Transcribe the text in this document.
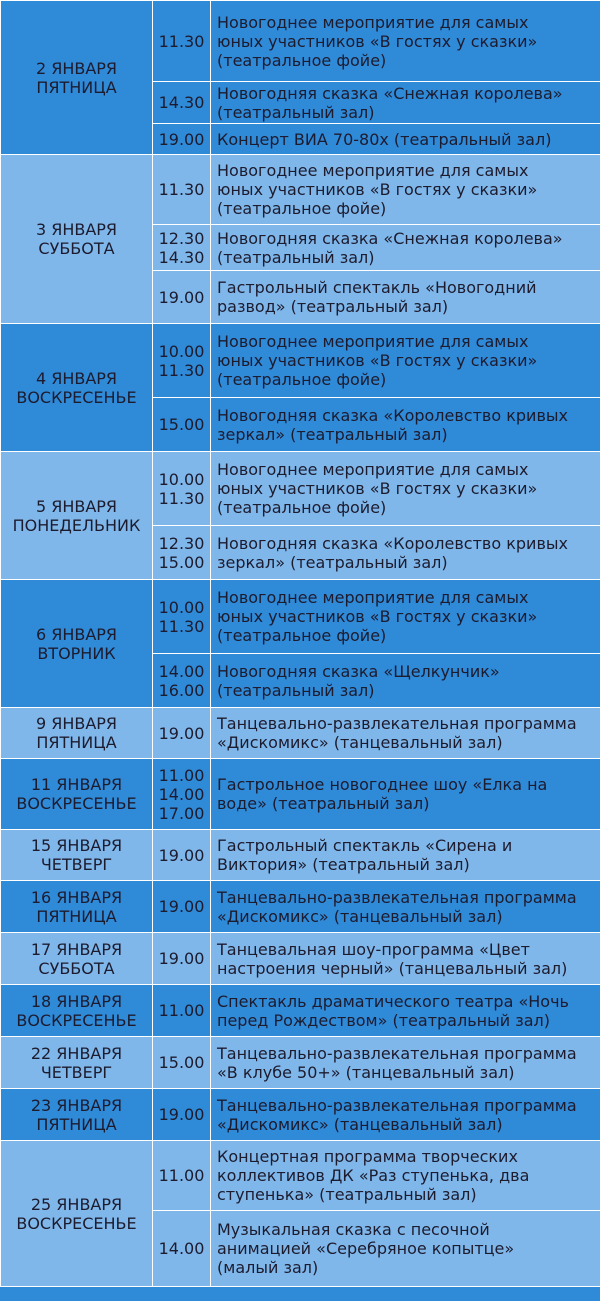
2 ЯНВАРЯ
ПЯТНИЦА	11.30	Новогоднее мероприятие для самых
юных участников «В гостях у сказки»
(театральное фойе)

	14.30	Новогодняя сказка «Снежная королева»
(театральный зал)

	19.00	Концерт ВИА 70-80х (театральный зал)

3 ЯНВАРЯ
СУББОТА	11.30	Новогоднее мероприятие для самых
юных участников «В гостях у сказки»
(театральное фойе)

	12.30
14.30	Новогодняя сказка «Снежная королева»
(театральный зал)

	19.00	Гастрольный спектакль «Новогодний
развод» (театральный зал)

4 ЯНВАРЯ
ВОСКРЕСЕНЬЕ	10.00
11.30	Новогоднее мероприятие для самых
юных участников «В гостях у сказки»
(театральное фойе)

	15.00	Новогодняя сказка «Королевство кривых
зеркал» (театральный зал)

5 ЯНВАРЯ
ПОНЕДЕЛЬНИК	10.00
11.30	Новогоднее мероприятие для самых
юных участников «В гостях у сказки»
(театральное фойе)

	12.30
15.00	Новогодняя сказка «Королевство кривых
зеркал» (театральный зал)

6 ЯНВАРЯ
ВТОРНИК	10.00
11.30	Новогоднее мероприятие для самых
юных участников «В гостях у сказки»
(театральное фойе)

	14.00
16.00	Новогодняя сказка «Щелкунчик»
(театральный зал)

9 ЯНВАРЯ
ПЯТНИЦА	19.00	Танцевально-развлекательная программа
«Дискомикс» (танцевальный зал)

11 ЯНВАРЯ
ВОСКРЕСЕНЬЕ	11.00
14.00
17.00	Гастрольное новогоднее шоу «Елка на
воде» (театральный зал)

15 ЯНВАРЯ
ЧЕТВЕРГ	19.00	Гастрольный спектакль «Сирена и
Виктория» (театральный зал)

16 ЯНВАРЯ
ПЯТНИЦА	19.00	Танцевально-развлекательная программа
«Дискомикс» (танцевальный зал)

17 ЯНВАРЯ
СУББОТА	19.00	Танцевальная шоу-программа «Цвет
настроения черный» (танцевальный зал)

18 ЯНВАРЯ
ВОСКРЕСЕНЬЕ	11.00	Спектакль драматического театра «Ночь
перед Рождеством» (театральный зал)

22 ЯНВАРЯ
ЧЕТВЕРГ	15.00	Танцевально-развлекательная программа
«В клубе 50+» (танцевальный зал)

23 ЯНВАРЯ
ПЯТНИЦА	19.00	Танцевально-развлекательная программа
«Дискомикс» (танцевальный зал)

25 ЯНВАРЯ
ВОСКРЕСЕНЬЕ	11.00	Концертная программа творческих
коллективов ДК «Раз ступенька, два
ступенька» (театральный зал)

	14.00	Музыкальная сказка с песочной
анимацией «Серебряное копытце»
(малый зал)
